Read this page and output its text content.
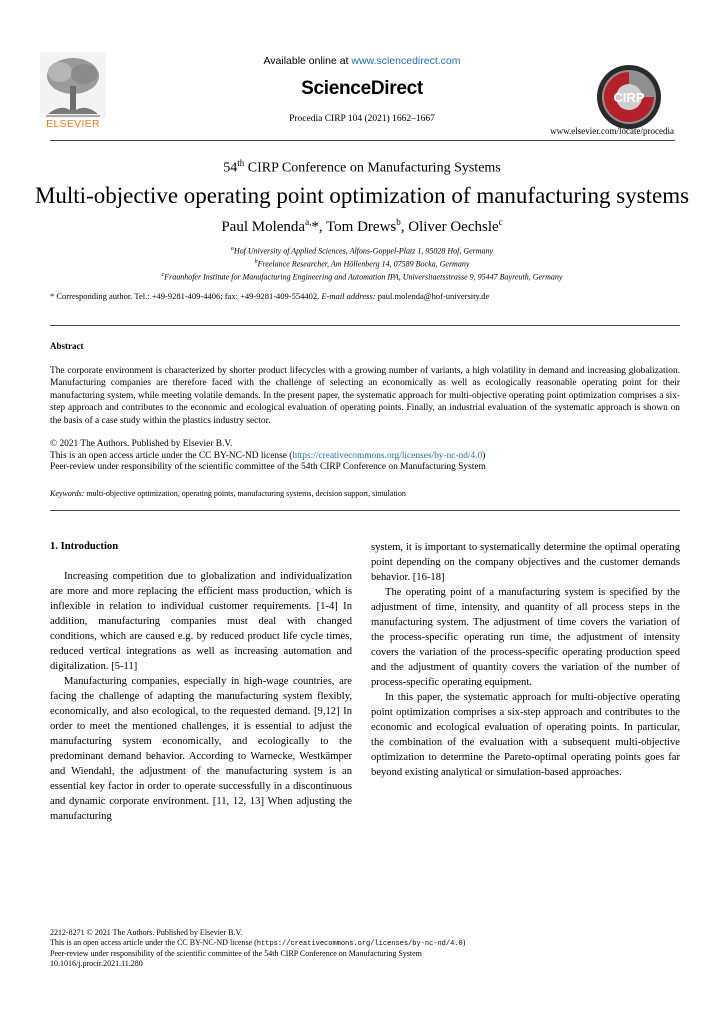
ELSEVIER
Available online at www.sciencedirect.com
ScienceDirect
Procedia CIRP 104 (2021) 1662–1667
CIRP
www.elsevier.com/locate/procedia
54th CIRP Conference on Manufacturing Systems
Multi-objective operating point optimization of manufacturing systems
Paul Molenda$^{a,}$*, Tom Drews$^b$, Oliver Oechsle$^c$
$^a$Hof University of Applied Sciences, Alfons-Goppel-Platz 1, 95028 Hof, Germany
$^b$Freelance Researcher, Am Höllenberg 14, 07589 Bocka, Germany
$^c$Fraunhofer Institute for Manufacturing Engineering and Automation IPA, Universitaetsstrasse 9, 95447 Bayreuth, Germany
* Corresponding author. Tel.: +49-9281-409-4406; fax: +49-9281-409-554402. E-mail address: paul.molenda@hof-university.de
Abstract
The corporate environment is characterized by shorter product lifecycles with a growing number of variants, a high volatility in demand and increasing globalization. Manufacturing companies are therefore faced with the challenge of selecting an economically as well as ecologically reasonable operating point for their manufacturing system, while meeting volatile demands. In the present paper, the systematic approach for multi-objective operating point optimization comprises a six-step approach and contributes to the economic and ecological evaluation of operating points. Finally, an industrial evaluation of the systematic approach is shown on the basis of a case study within the plastics industry sector.
© 2021 The Authors. Published by Elsevier B.V.
This is an open access article under the CC BY-NC-ND license (https://creativecommons.org/licenses/by-nc-nd/4.0)
Peer-review under responsibility of the scientific committee of the 54th CIRP Conference on Manufacturing System
Keywords: multi-objective optimization, operating points, manufacturing systems, decision support, simulation
1. Introduction

Increasing competition due to globalization and individualization are more and more replacing the efficient mass production, which is inflexible in relation to individual customer requirements. [1-4] In addition, manufacturing companies must deal with changed conditions, which are caused e.g. by reduced product life cycle times, reduced vertical integrations as well as increasing automation and digitalization. [5-11]

Manufacturing companies, especially in high-wage countries, are facing the challenge of adapting the manufacturing system flexibly, economically, and also ecological, to the requested demand. [9,12] In order to meet the mentioned challenges, it is essential to adjust the manufacturing system economically, and ecologically to the predominant demand behavior. According to Warnecke, Westkämper and Wiendahl, the adjustment of the manufacturing system is an essential key factor in order to operate successfully in a discontinuous and dynamic corporate environment. [11, 12, 13] When adjusting the manufacturing

system, it is important to systematically determine the optimal operating point depending on the company objectives and the customer demands behavior. [16-18]

The operating point of a manufacturing system is specified by the adjustment of time, intensity, and quantity of all process steps in the manufacturing system. The adjustment of time covers the variation of the process-specific operating run time, the adjustment of intensity covers the variation of the process-specific operating production speed and the adjustment of quantity covers the variation of the number of process-specific operating equipment.

In this paper, the systematic approach for multi-objective operating point optimization comprises a six-step approach and contributes to the economic and ecological evaluation of operating points. In particular, the combination of the evaluation with a subsequent multi-objective optimization to determine the Pareto-optimal operating points goes far beyond existing analytical or simulation-based approaches.

2212-8271 © 2021 The Authors. Published by Elsevier B.V.
This is an open access article under the CC BY-NC-ND license (https://creativecommons.org/licenses/by-nc-nd/4.0)
Peer-review under responsibility of the scientific committee of the 54th CIRP Conference on Manufacturing System
10.1016/j.procir.2021.11.280
